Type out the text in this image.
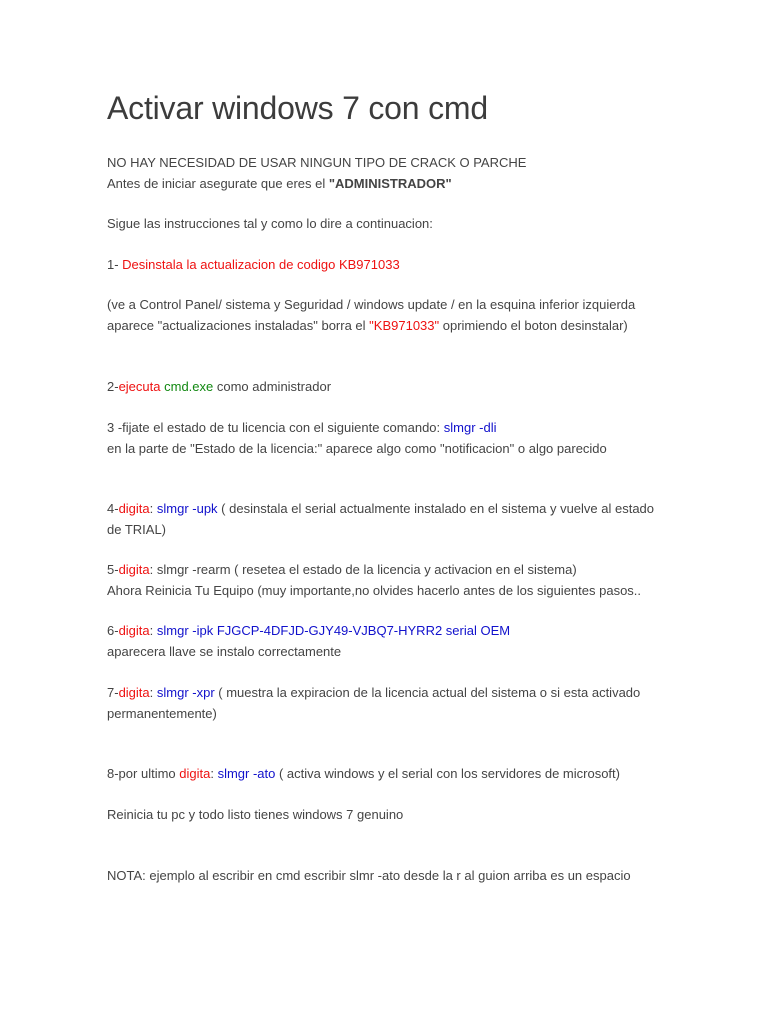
Activar windows 7 con cmd

NO HAY NECESIDAD DE USAR NINGUN TIPO DE CRACK O PARCHE
Antes de iniciar asegurate que eres el "ADMINISTRADOR"

Sigue las instrucciones tal y como lo dire a continuacion:

1- Desinstala la actualizacion de codigo KB971033

(ve a Control Panel/ sistema y Seguridad / windows update / en la esquina inferior izquierda
aparece "actualizaciones instaladas" borra el "KB971033" oprimiendo el boton desinstalar)

2-ejecuta cmd.exe como administrador

3 -fijate el estado de tu licencia con el siguiente comando: slmgr -dli
en la parte de "Estado de la licencia:" aparece algo como "notificacion" o algo parecido

4-digita: slmgr -upk ( desinstala el serial actualmente instalado en el sistema y vuelve al estado
de TRIAL)

5-digita: slmgr -rearm ( resetea el estado de la licencia y activacion en el sistema)
Ahora Reinicia Tu Equipo (muy importante,no olvides hacerlo antes de los siguientes pasos..

6-digita: slmgr -ipk FJGCP-4DFJD-GJY49-VJBQ7-HYRR2 serial OEM
aparecera llave se instalo correctamente

7-digita: slmgr -xpr ( muestra la expiracion de la licencia actual del sistema o si esta activado
permanentemente)

8-por ultimo digita: slmgr -ato ( activa windows y el serial con los servidores de microsoft)

Reinicia tu pc y todo listo tienes windows 7 genuino

NOTA: ejemplo al escribir en cmd escribir slmr -ato desde la r al guion arriba es un espacio
